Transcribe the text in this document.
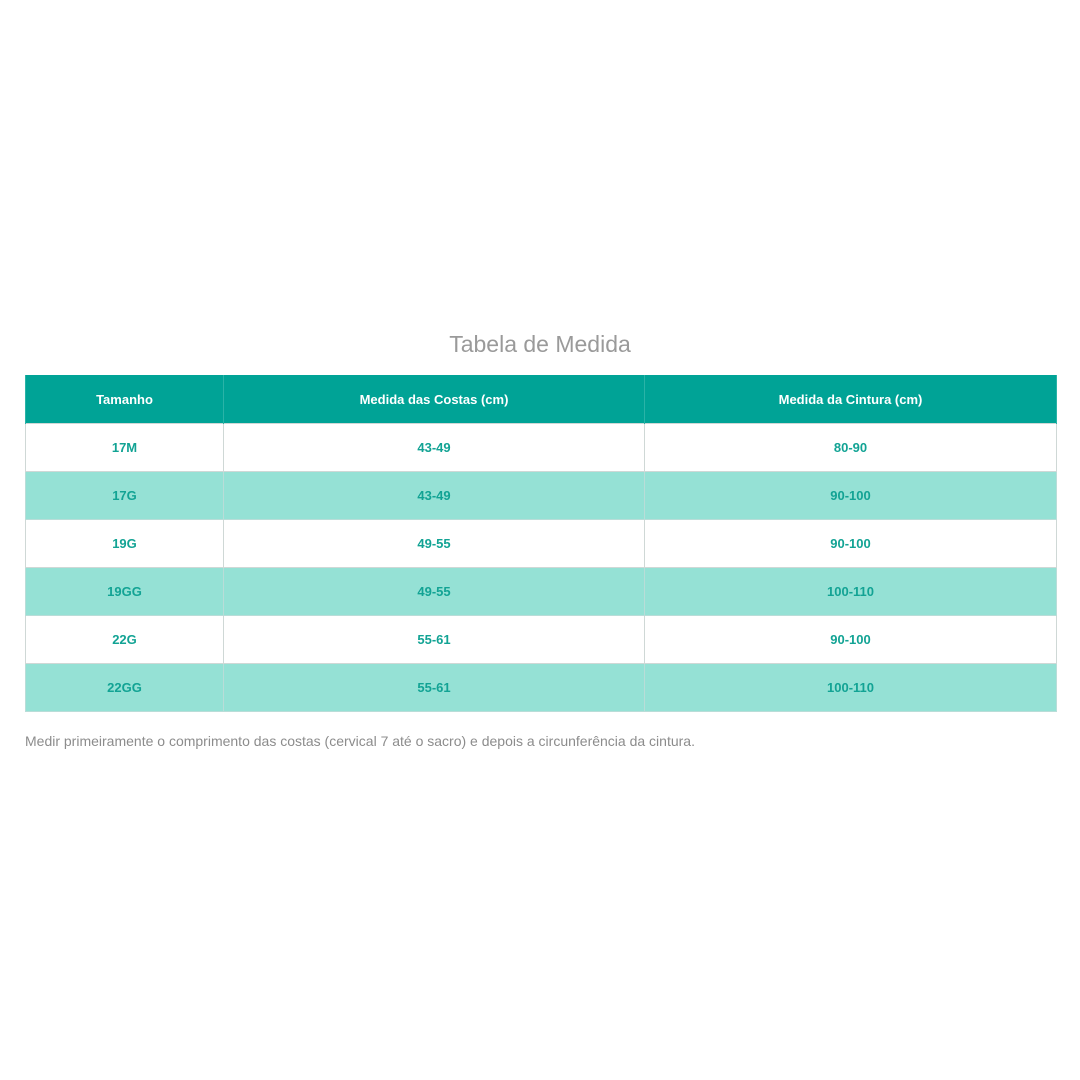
Tabela de Medida
Tamanho	Medida das Costas (cm)	Medida da Cintura (cm)
17M	43-49	80-90
17G	43-49	90-100
19G	49-55	90-100
19GG	49-55	100-110
22G	55-61	90-100
22GG	55-61	100-110
Medir primeiramente o comprimento das costas (cervical 7 até o sacro) e depois a circunferência da cintura.
